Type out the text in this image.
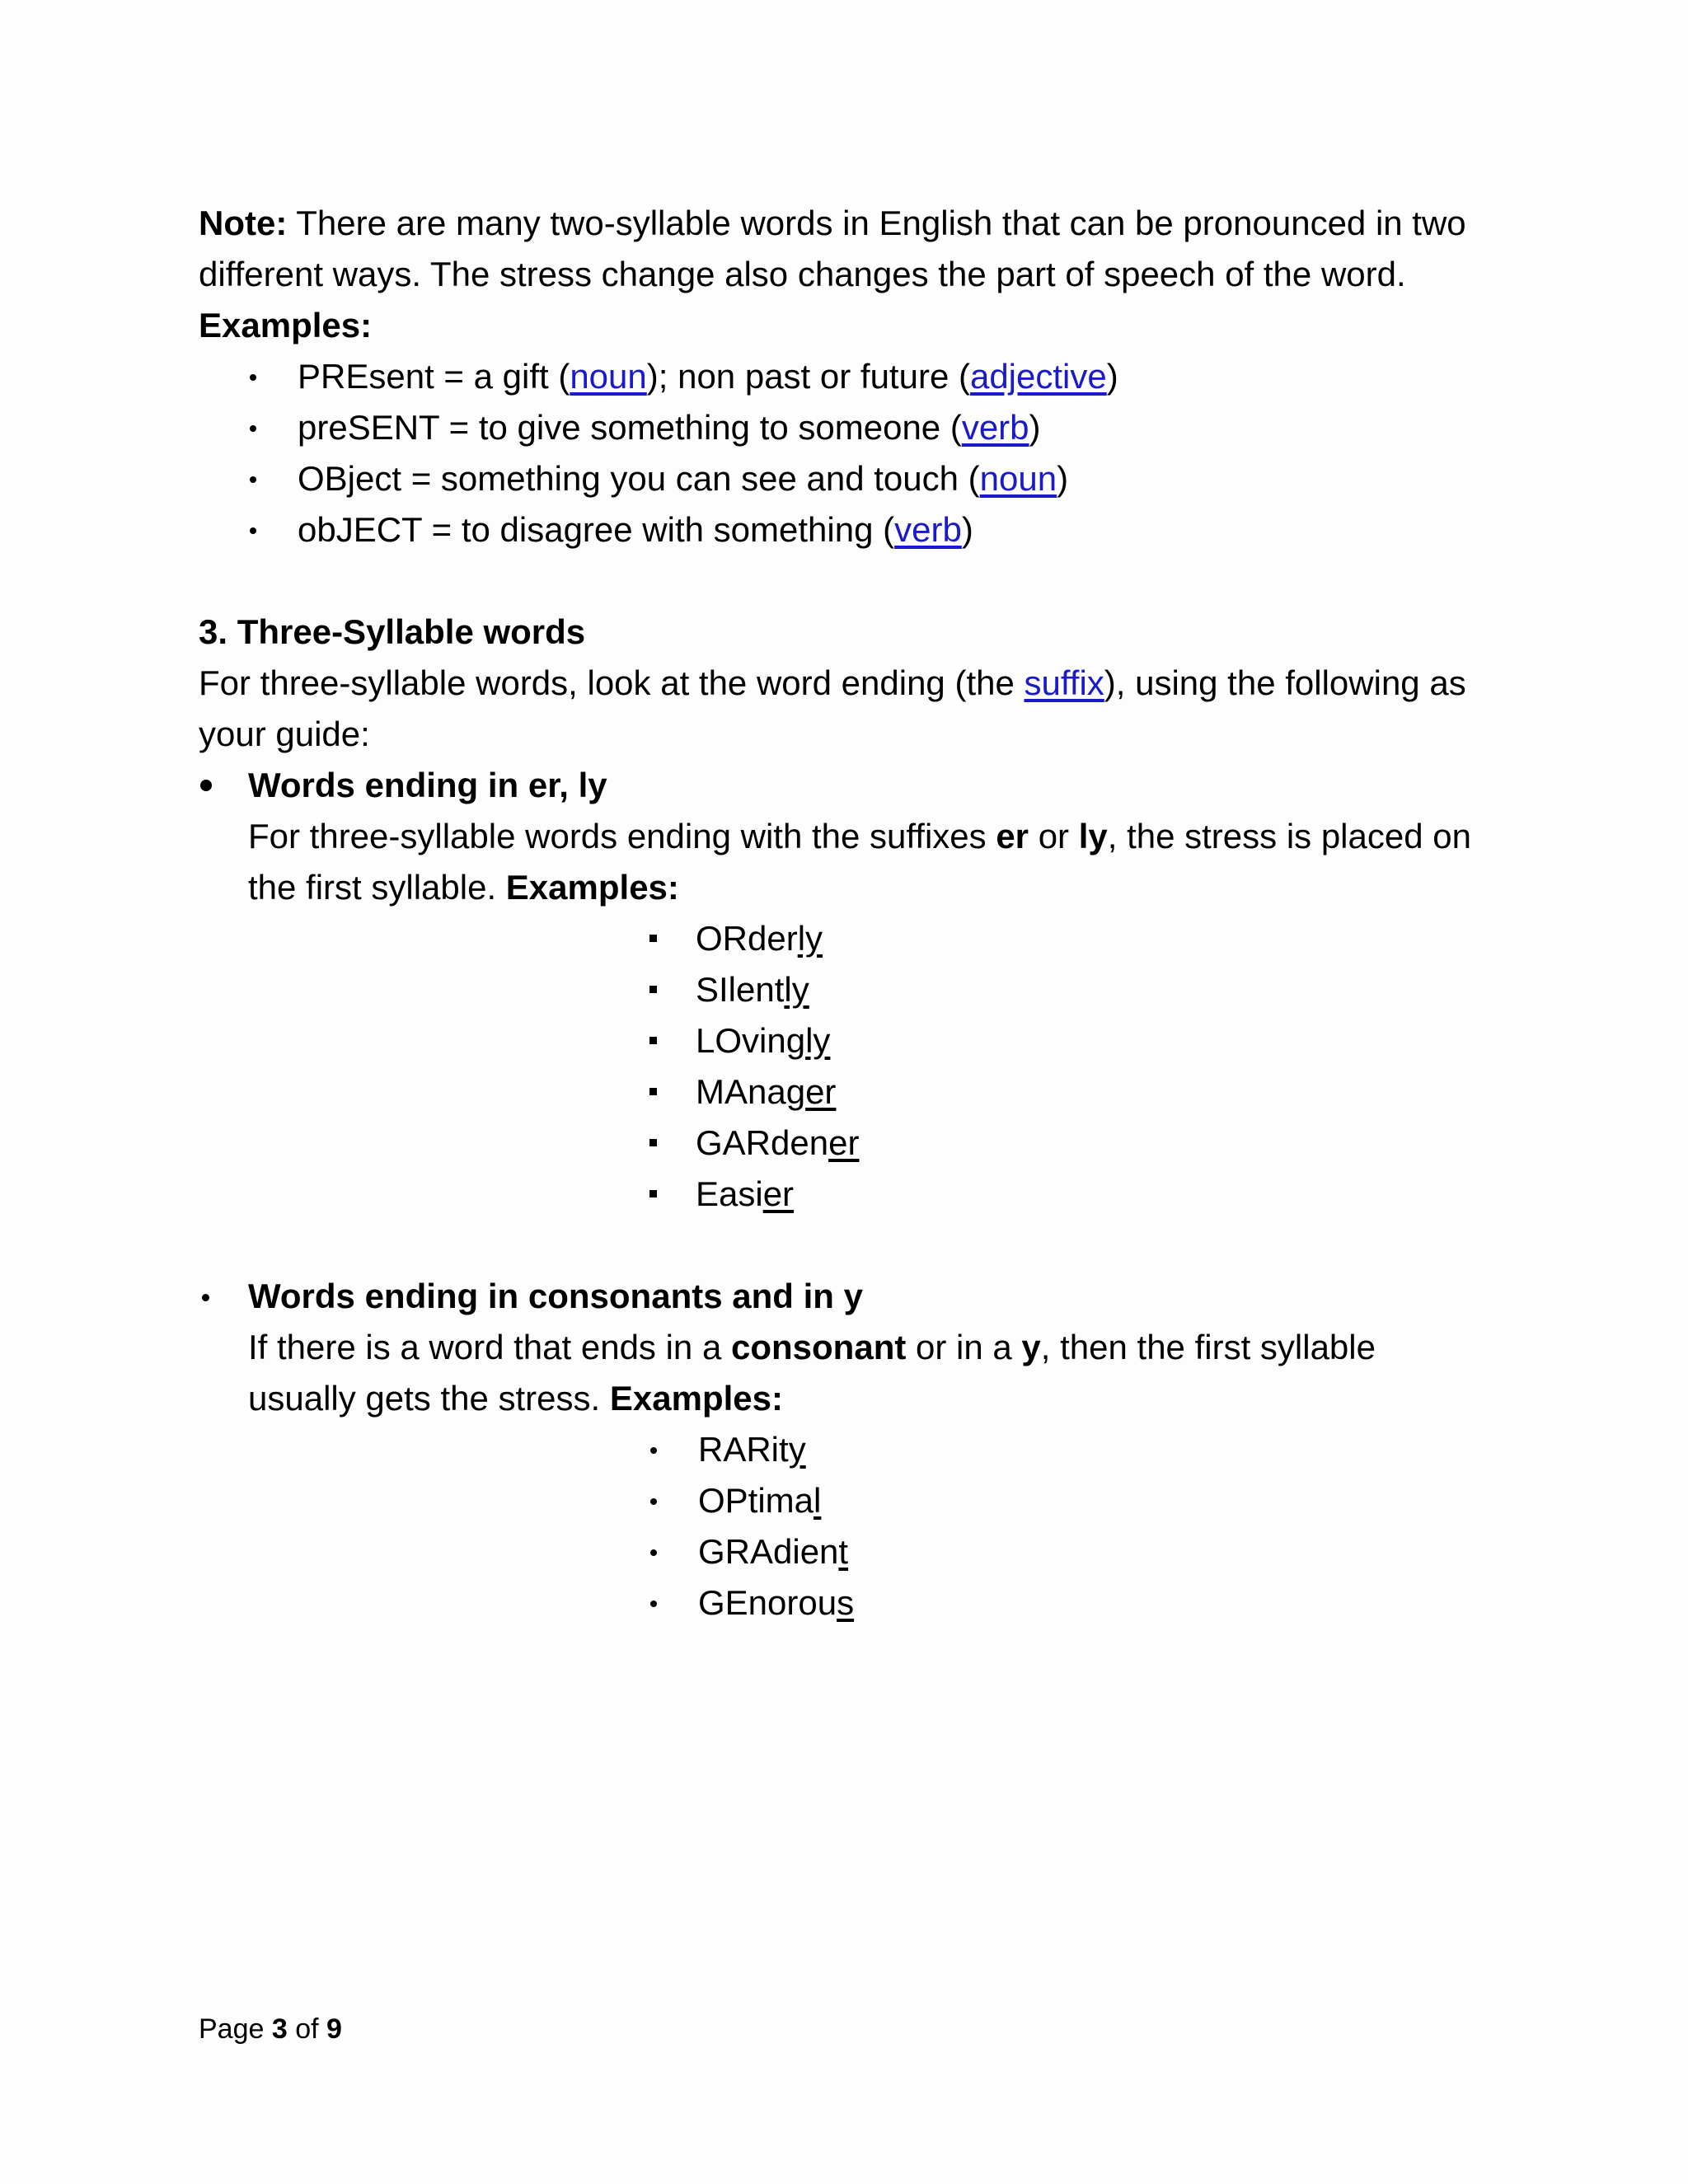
Note: There are many two-syllable words in English that can be pronounced in two different ways. The stress change also changes the part of speech of the word.

Examples:

PREsent = a gift (noun); non past or future (adjective)
preSENT = to give something to someone (verb)
OBject = something you can see and touch (noun)
obJECT = to disagree with something (verb)

3. Three-Syllable words

For three-syllable words, look at the word ending (the suffix), using the following as your guide:

Words ending in er, ly

For three-syllable words ending with the suffixes er or ly, the stress is placed on the first syllable. Examples:

ORderly
SIlently
LOvingly
MAnager
GARdener
Easier

Words ending in consonants and in y

If there is a word that ends in a consonant or in a y, then the first syllable usually gets the stress. Examples:

RARity
OPtimal
GRAdient
GEnorous
Page 3 of 9
